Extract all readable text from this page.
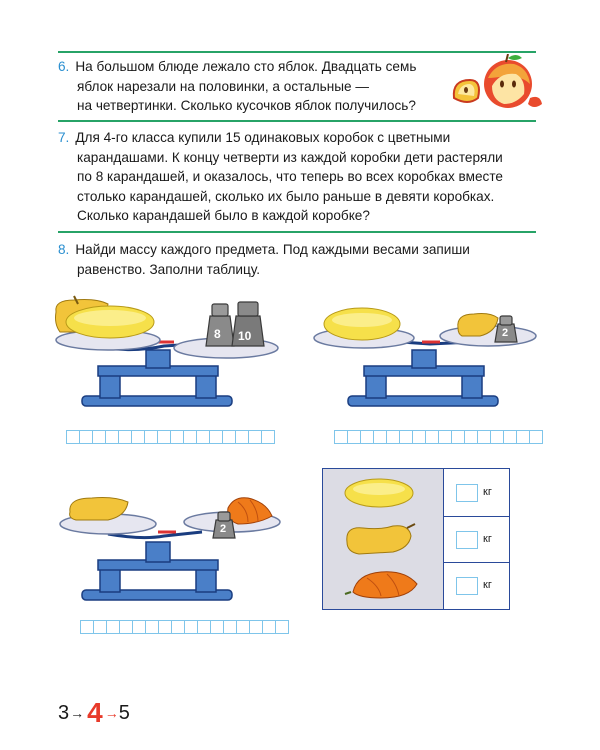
6. На большом блюде лежало сто яблок. Двадцать семь

яблок нарезали на половинки, а остальные —

на четвертинки. Сколько кусочков яблок получилось?

7. Для 4-го класса купили 15 одинаковых коробок с цветными

карандашами. К концу четверти из каждой коробки дети растеряли

по 8 карандашей, и оказалось, что теперь во всех коробках вместе

столько карандашей, сколько их было раньше в девяти коробках.

Сколько карандашей было в каждой коробке?

8. Найди массу каждого предмета. Под каждыми весами запиши

равенство. Заполни таблицу.

8 10	2
2
кг
кг
кг
3 → 4 → 5
